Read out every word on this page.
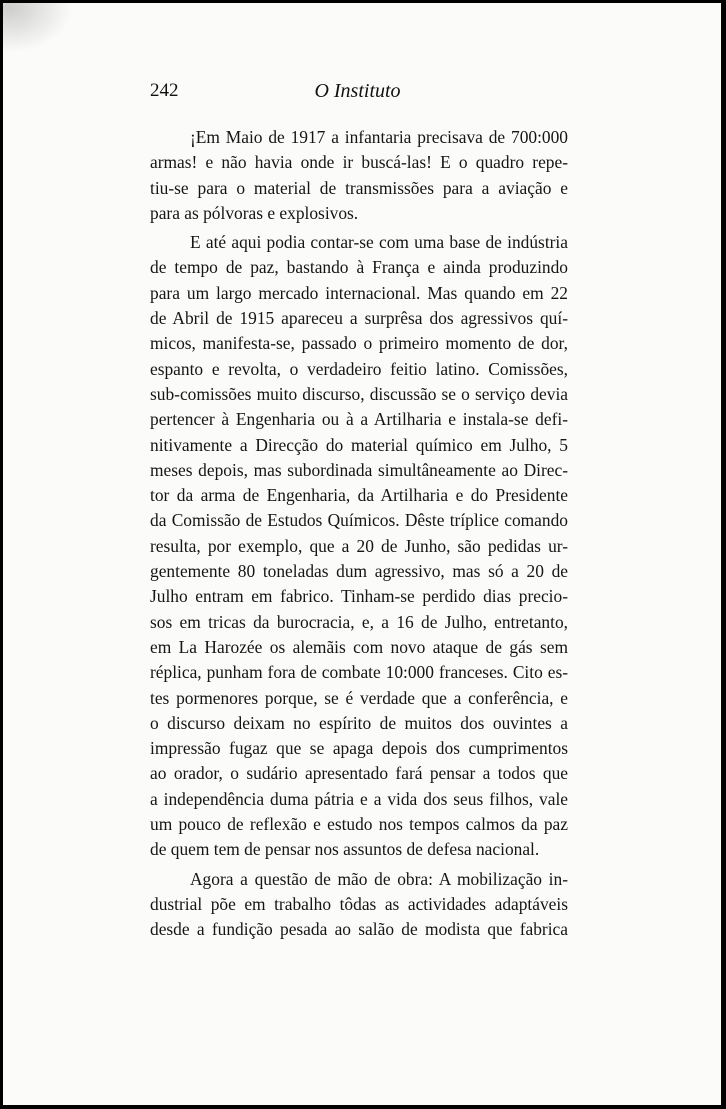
242	O Instituto
¡Em Maio de 1917 a infantaria precisava de 700:000
armas! e não havia onde ir buscá-las! E o quadro repe-
tiu-se para o material de transmissões para a aviação e
para as pólvoras e explosivos.
E até aqui podia contar-se com uma base de indústria
de tempo de paz, bastando à França e ainda produzindo
para um largo mercado internacional. Mas quando em 22
de Abril de 1915 apareceu a surprêsa dos agressivos quí-
micos, manifesta-se, passado o primeiro momento de dor,
espanto e revolta, o verdadeiro feitio latino. Comissões,
sub-comissões muito discurso, discussão se o serviço devia
pertencer à Engenharia ou à a Artilharia e instala-se defi-
nitivamente a Direcção do material químico em Julho, 5
meses depois, mas subordinada simultâneamente ao Direc-
tor da arma de Engenharia, da Artilharia e do Presidente
da Comissão de Estudos Químicos. Dêste tríplice comando
resulta, por exemplo, que a 20 de Junho, são pedidas ur-
gentemente 80 toneladas dum agressivo, mas só a 20 de
Julho entram em fabrico. Tinham-se perdido dias precio-
sos em tricas da burocracia, e, a 16 de Julho, entretanto,
em La Harozée os alemãis com novo ataque de gás sem
réplica, punham fora de combate 10:000 franceses. Cito es-
tes pormenores porque, se é verdade que a conferência, e
o discurso deixam no espírito de muitos dos ouvintes a
impressão fugaz que se apaga depois dos cumprimentos
ao orador, o sudário apresentado fará pensar a todos que
a independência duma pátria e a vida dos seus filhos, vale
um pouco de reflexão e estudo nos tempos calmos da paz
de quem tem de pensar nos assuntos de defesa nacional.
Agora a questão de mão de obra: A mobilização in-
dustrial põe em trabalho tôdas as actividades adaptáveis
desde a fundição pesada ao salão de modista que fabrica
